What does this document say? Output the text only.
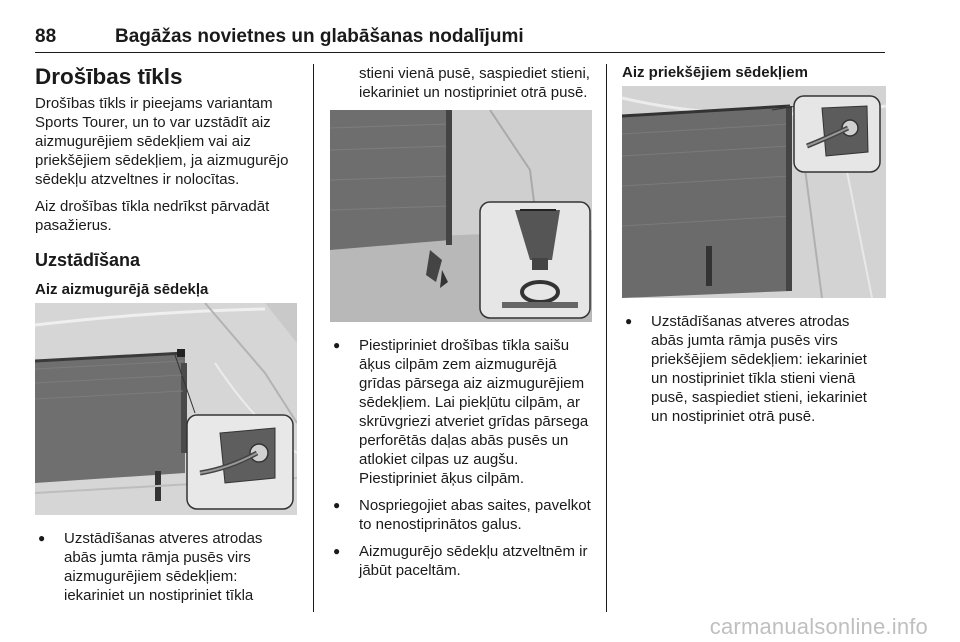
88	Bagāžas novietnes un glabāšanas nodalījumi
Drošības tīkls

Drošības tīkls ir pieejams variantam Sports Tourer, un to var uzstādīt aiz aizmugurējiem sēdekļiem vai aiz priekšējiem sēdekļiem, ja aizmugurējo sēdekļu atzveltnes ir nolocītas.

Aiz drošības tīkla nedrīkst pārvadāt pasažierus.

Uzstādīšana
Aiz aizmugurējā sēdekļa
● Uzstādīšanas atveres atrodas abās jumta rāmja pusēs virs aizmugurējiem sēdekļiem: iekariniet un nostipriniet tīkla

stieni vienā pusē, saspiediet stieni, iekariniet un nostipriniet otrā pusē.

● Piestipriniet drošības tīkla saišu āķus cilpām zem aizmugurējā grīdas pārsega aiz aizmugurējiem sēdekļiem. Lai piekļūtu cilpām, ar skrūvgriezi atveriet grīdas pārsega perforētās daļas abās pusēs un atlokiet cilpas uz augšu. Piestipriniet āķus cilpām.
● Nospriegojiet abas saites, pavelkot to nenostiprinātos galus.
● Aizmugurējo sēdekļu atzveltnēm ir jābūt paceltām.
Aiz priekšējiem sēdekļiem
● Uzstādīšanas atveres atrodas abās jumta rāmja pusēs virs priekšējiem sēdekļiem: iekariniet un nostipriniet tīkla stieni vienā pusē, saspiediet stieni, iekariniet un nostipriniet otrā pusē.
carmanualsonline.info
